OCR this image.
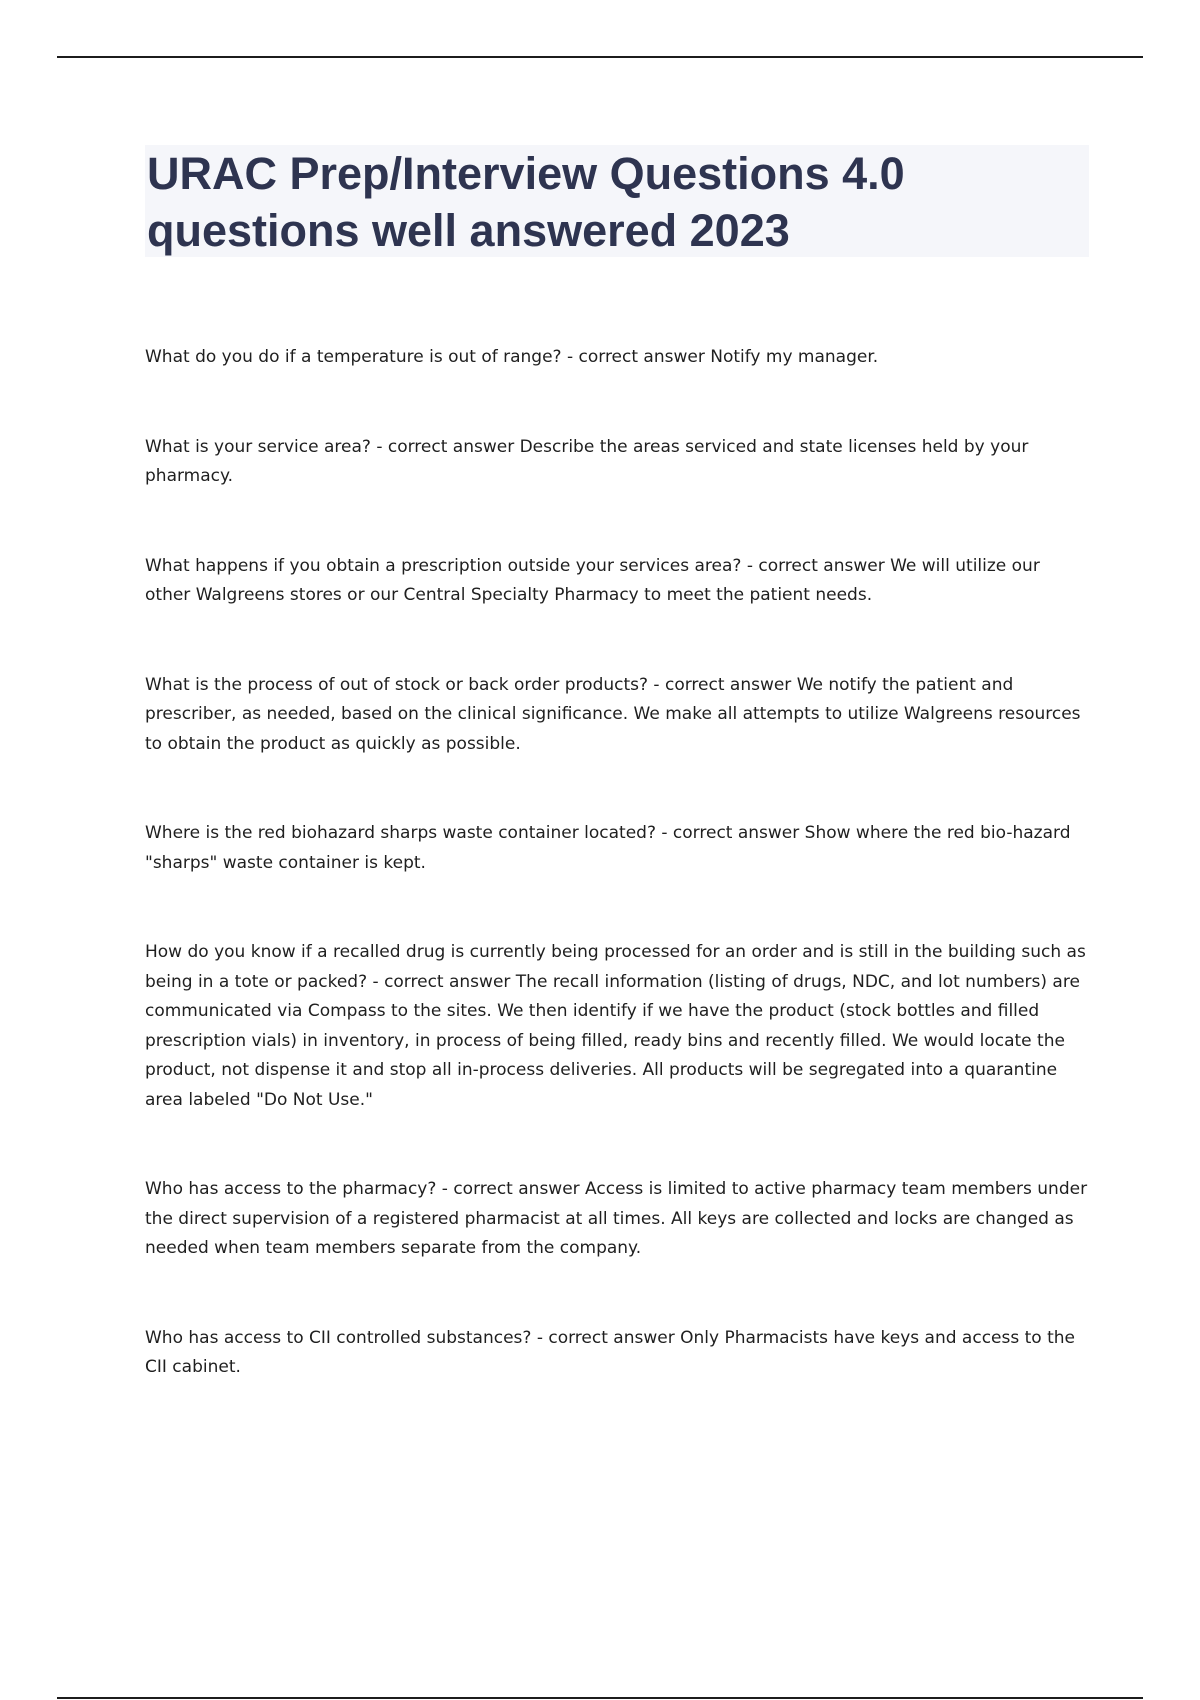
URAC Prep/Interview Questions 4.0
questions well answered 2023
What do you do if a temperature is out of range? - correct answer Notify my manager.
What is your service area? - correct answer Describe the areas serviced and state licenses held by your pharmacy.
What happens if you obtain a prescription outside your services area? - correct answer We will utilize our other Walgreens stores or our Central Specialty Pharmacy to meet the patient needs.
What is the process of out of stock or back order products? - correct answer We notify the patient and prescriber, as needed, based on the clinical significance. We make all attempts to utilize Walgreens resources to obtain the product as quickly as possible.
Where is the red biohazard sharps waste container located? - correct answer Show where the red bio-hazard "sharps" waste container is kept.
How do you know if a recalled drug is currently being processed for an order and is still in the building such as being in a tote or packed? - correct answer The recall information (listing of drugs, NDC, and lot numbers) are communicated via Compass to the sites. We then identify if we have the product (stock bottles and filled prescription vials) in inventory, in process of being filled, ready bins and recently filled. We would locate the product, not dispense it and stop all in-process deliveries. All products will be segregated into a quarantine area labeled "Do Not Use."
Who has access to the pharmacy? - correct answer Access is limited to active pharmacy team members under the direct supervision of a registered pharmacist at all times. All keys are collected and locks are changed as needed when team members separate from the company.
Who has access to CII controlled substances? - correct answer Only Pharmacists have keys and access to the CII cabinet.
